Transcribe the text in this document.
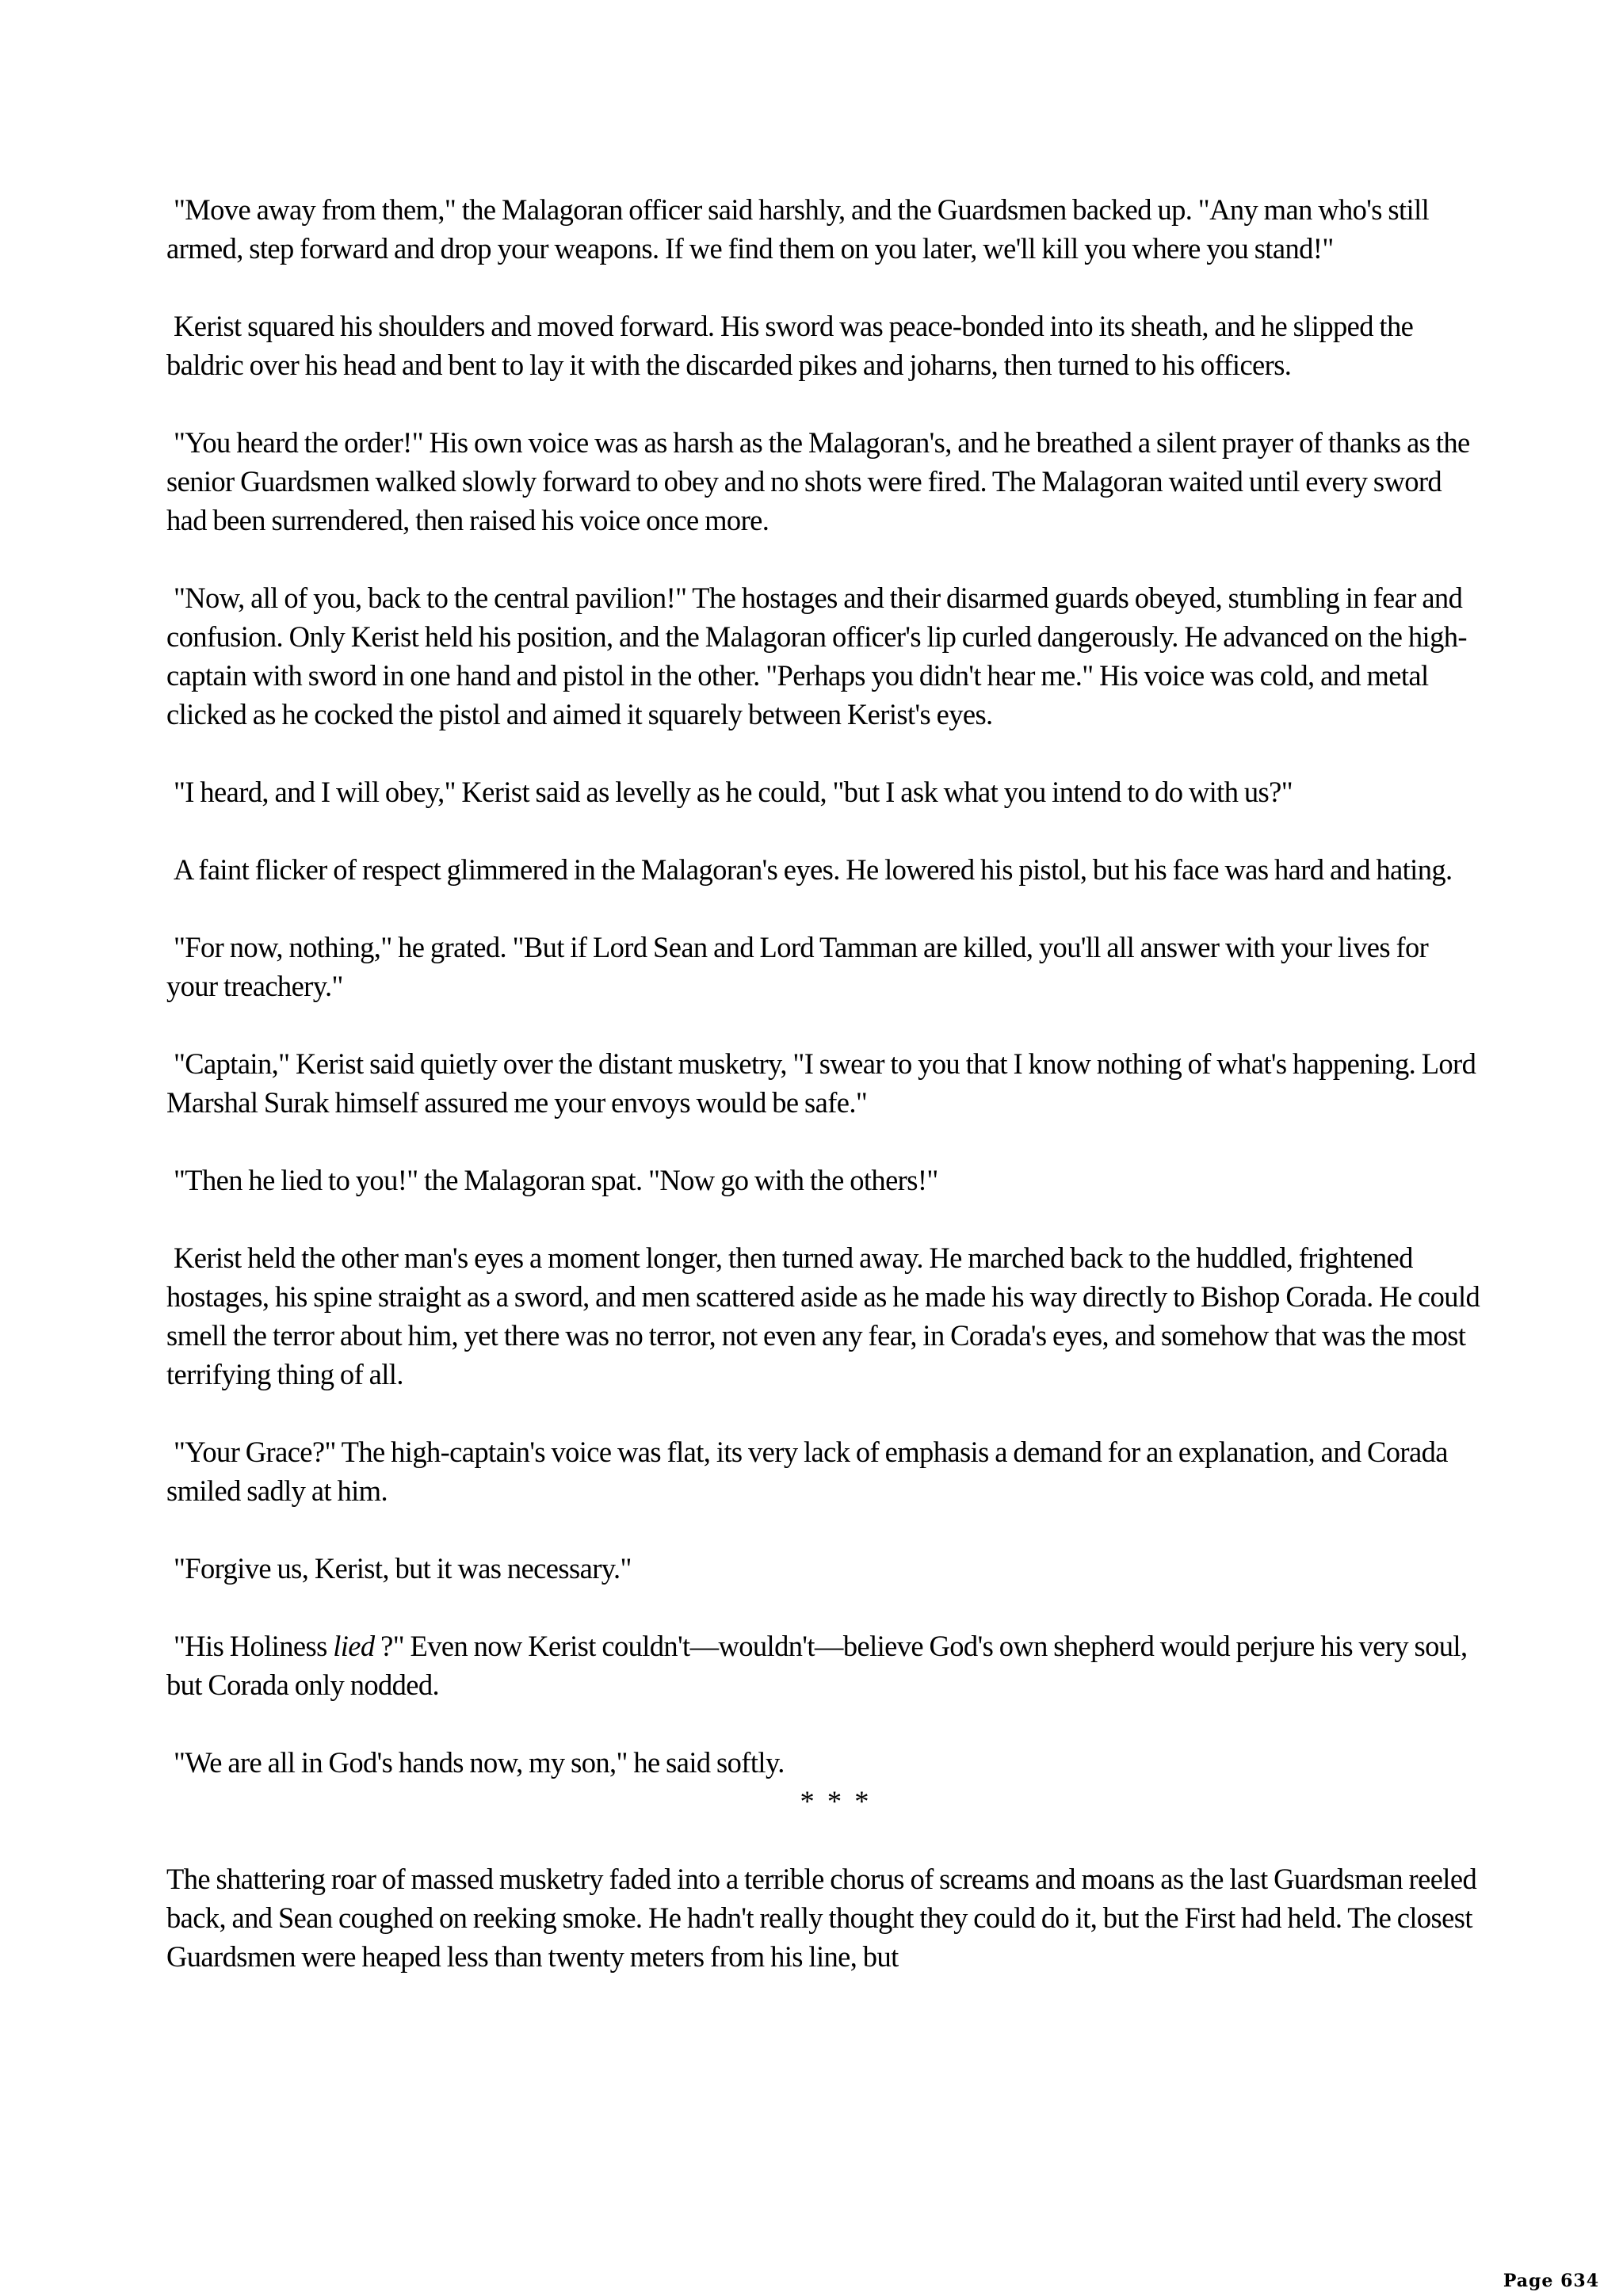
"Move away from them," the Malagoran officer said harshly, and the Guardsmen backed up. "Any man who's still armed, step forward and drop your weapons. If we find them on you later, we'll kill you where you stand!"

Kerist squared his shoulders and moved forward. His sword was peace-bonded into its sheath, and he slipped the baldric over his head and bent to lay it with the discarded pikes and joharns, then turned to his officers.

"You heard the order!" His own voice was as harsh as the Malagoran's, and he breathed a silent prayer of thanks as the senior Guardsmen walked slowly forward to obey and no shots were fired. The Malagoran waited until every sword had been surrendered, then raised his voice once more.

"Now, all of you, back to the central pavilion!" The hostages and their disarmed guards obeyed, stumbling in fear and confusion. Only Kerist held his position, and the Malagoran officer's lip curled dangerously. He advanced on the high-captain with sword in one hand and pistol in the other. "Perhaps you didn't hear me." His voice was cold, and metal clicked as he cocked the pistol and aimed it squarely between Kerist's eyes.

"I heard, and I will obey," Kerist said as levelly as he could, "but I ask what you intend to do with us?"

A faint flicker of respect glimmered in the Malagoran's eyes. He lowered his pistol, but his face was hard and hating.

"For now, nothing," he grated. "But if Lord Sean and Lord Tamman are killed, you'll all answer with your lives for your treachery."

"Captain," Kerist said quietly over the distant musketry, "I swear to you that I know nothing of what's happening. Lord Marshal Surak himself assured me your envoys would be safe."

"Then he lied to you!" the Malagoran spat. "Now go with the others!"

Kerist held the other man's eyes a moment longer, then turned away. He marched back to the huddled, frightened hostages, his spine straight as a sword, and men scattered aside as he made his way directly to Bishop Corada. He could smell the terror about him, yet there was no terror, not even any fear, in Corada's eyes, and somehow that was the most terrifying thing of all.

"Your Grace?" The high-captain's voice was flat, its very lack of emphasis a demand for an explanation, and Corada smiled sadly at him.

"Forgive us, Kerist, but it was necessary."

"His Holiness lied ?" Even now Kerist couldn't—wouldn't—believe God's own shepherd would perjure his very soul, but Corada only nodded.

"We are all in God's hands now, my son," he said softly.

* * *

The shattering roar of massed musketry faded into a terrible chorus of screams and moans as the last Guardsman reeled back, and Sean coughed on reeking smoke. He hadn't really thought they could do it, but the First had held. The closest Guardsmen were heaped less than twenty meters from his line, but

Page 634
